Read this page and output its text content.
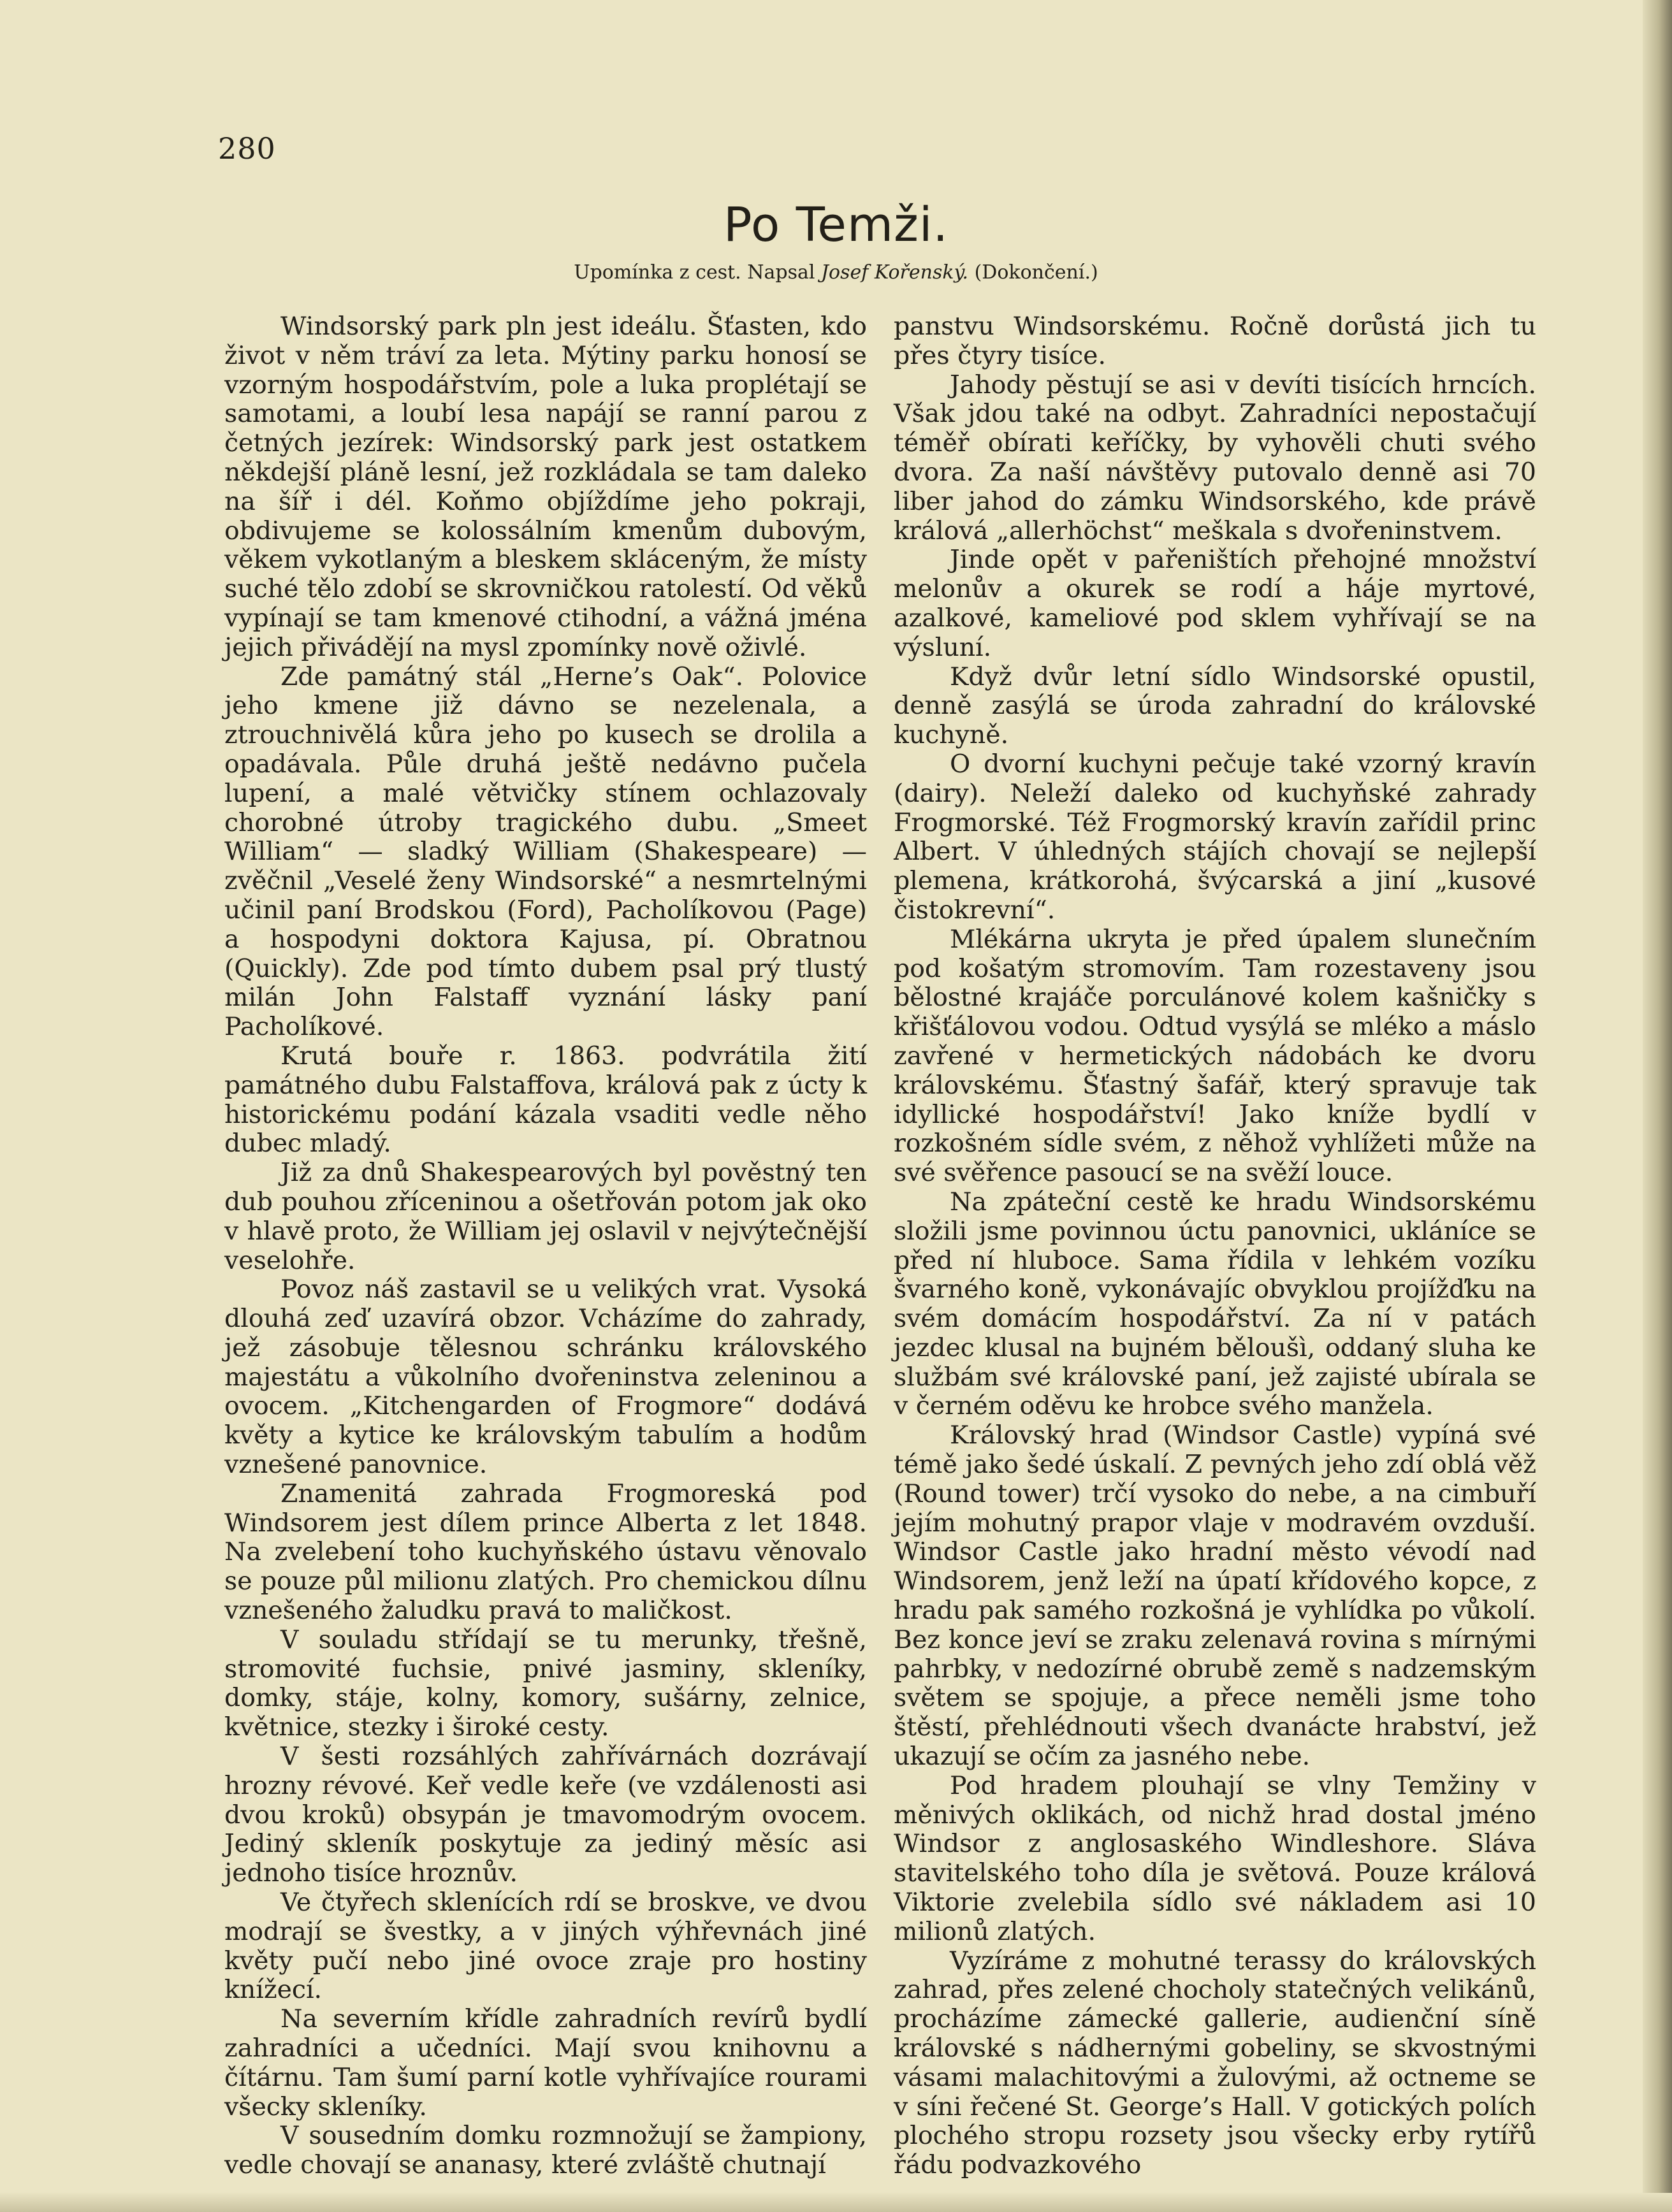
280
Po Temži.
Upomínka z cest. Napsal Josef Kořenský. (Dokončení.)

Windsorský park pln jest ideálu. Šťasten, kdo život v něm tráví za leta. Mýtiny parku honosí se vzorným hospodářstvím, pole a luka proplétají se samotami, a loubí lesa napájí se ranní parou z četných jezírek: Windsorský park jest ostatkem někdejší pláně lesní, jež rozkládala se tam daleko na šíř i dél. Koňmo objíždíme jeho pokraji, obdivujeme se kolossálním kmenům dubovým, věkem vykotlaným a bleskem skláceným, že místy suché tělo zdobí se skrovničkou ratolestí. Od věků vypínají se tam kmenové ctihodní, a vážná jména jejich přivádějí na mysl zpomínky nově oživlé.

Zde památný stál „Herne’s Oak“. Polovice jeho kmene již dávno se nezelenala, a ztrouchnivělá kůra jeho po kusech se drolila a opadávala. Půle druhá ještě nedávno pučela lupení, a malé větvičky stínem ochlazovaly chorobné útroby tragického dubu. „Smeet William“ — sladký William (Shakespeare) — zvěčnil „Veselé ženy Windsorské“ a nesmrtelnými učinil paní Brodskou (Ford), Pacholíkovou (Page) a hospodyni doktora Kajusa, pí. Obratnou (Quickly). Zde pod tímto dubem psal prý tlustý milán John Falstaff vyznání lásky paní Pacholíkové.

Krutá bouře r. 1863. podvrátila žití památného dubu Falstaffova, králová pak z úcty k historickému podání kázala vsaditi vedle něho dubec mladý.

Již za dnů Shakespearových byl pověstný ten dub pouhou zříceninou a ošetřován potom jak oko v hlavě proto, že William jej oslavil v nejvýtečnější veselohře.

Povoz náš zastavil se u velikých vrat. Vysoká dlouhá zeď uzavírá obzor. Vcházíme do zahrady, jež zásobuje tělesnou schránku královského majestátu a vůkolního dvořeninstva zeleninou a ovocem. „Kitchengarden of Frogmore“ dodává květy a kytice ke královským tabulím a hodům vznešené panovnice.

Znamenitá zahrada Frogmoreská pod Windsorem jest dílem prince Alberta z let 1848. Na zvelebení toho kuchyňského ústavu věnovalo se pouze půl milionu zlatých. Pro chemickou dílnu vznešeného žaludku pravá to maličkost.

V souladu střídají se tu merunky, třešně, stromovité fuchsie, pnivé jasminy, skleníky, domky, stáje, kolny, komory, sušárny, zelnice, květnice, stezky i široké cesty.

V šesti rozsáhlých zahřívárnách dozrávají hrozny révové. Keř vedle keře (ve vzdálenosti asi dvou kroků) obsypán je tmavomodrým ovocem. Jediný skleník poskytuje za jediný měsíc asi jednoho tisíce hroznův.

Ve čtyřech sklenících rdí se broskve, ve dvou modrají se švestky, a v jiných výhřevnách jiné květy pučí nebo jiné ovoce zraje pro hostiny knížecí.

Na severním křídle zahradních revírů bydlí zahradníci a učedníci. Mají svou knihovnu a čítárnu. Tam šumí parní kotle vyhřívajíce rourami všecky skleníky.

V sousedním domku rozmnožují se žampiony, vedle chovají se ananasy, které zvláště chutnají

panstvu Windsorskému. Ročně dorůstá jich tu přes čtyry tisíce.

Jahody pěstují se asi v devíti tisících hrncích. Však jdou také na odbyt. Zahradníci nepostačují téměř obírati keříčky, by vyhověli chuti svého dvora. Za naší návštěvy putovalo denně asi 70 liber jahod do zámku Windsorského, kde právě králová „allerhöchst“ meškala s dvořeninstvem.

Jinde opět v pařeništích přehojné množství melonův a okurek se rodí a háje myrtové, azalkové, kameliové pod sklem vyhřívají se na výsluní.

Když dvůr letní sídlo Windsorské opustil, denně zasýlá se úroda zahradní do královské kuchyně.

O dvorní kuchyni pečuje také vzorný kravín (dairy). Neleží daleko od kuchyňské zahrady Frogmorské. Též Frogmorský kravín zařídil princ Albert. V úhledných stájích chovají se nejlepší plemena, krátkorohá, švýcarská a jiní „kusové čistokrevní“.

Mlékárna ukryta je před úpalem slunečním pod košatým stromovím. Tam rozestaveny jsou bělostné krajáče porculánové kolem kašničky s křišťálovou vodou. Odtud vysýlá se mléko a máslo zavřené v hermetických nádobách ke dvoru královskému. Šťastný šafář, který spravuje tak idyllické hospodářství! Jako kníže bydlí v rozkošném sídle svém, z něhož vyhlížeti může na své svěřence pasoucí se na svěží louce.

Na zpáteční cestě ke hradu Windsorskému složili jsme povinnou úctu panovnici, ukláníce se před ní hluboce. Sama řídila v lehkém vozíku švarného koně, vykonávajíc obvyklou projížďku na svém domácím hospodářství. Za ní v patách jezdec klusal na bujném běloušì, oddaný sluha ke službám své královské paní, jež zajisté ubírala se v černém oděvu ke hrobce svého manžela.

Královský hrad (Windsor Castle) vypíná své témě jako šedé úskalí. Z pevných jeho zdí oblá věž (Round tower) trčí vysoko do nebe, a na cimbuří jejím mohutný prapor vlaje v modravém ovzduší. Windsor Castle jako hradní město vévodí nad Windsorem, jenž leží na úpatí křídového kopce, z hradu pak samého rozkošná je vyhlídka po vůkolí. Bez konce jeví se zraku zelenavá rovina s mírnými pahrbky, v nedozírné obrubě země s nadzemským světem se spojuje, a přece neměli jsme toho štěstí, přehlédnouti všech dvanácte hrabství, jež ukazují se očím za jasného nebe.

Pod hradem plouhají se vlny Temžiny v měnivých oklikách, od nichž hrad dostal jméno Windsor z anglosaského Windleshore. Sláva stavitelského toho díla je světová. Pouze králová Viktorie zvelebila sídlo své nákladem asi 10 milionů zlatých.

Vyzíráme z mohutné terassy do královských zahrad, přes zelené chocholy statečných velikánů, procházíme zámecké gallerie, audienční síně královské s nádhernými gobeliny, se skvostnými vásami malachitovými a žulovými, až octneme se v síni řečené St. George’s Hall. V gotických polích plochého stropu rozsety jsou všecky erby rytířů řádu podvazkového
